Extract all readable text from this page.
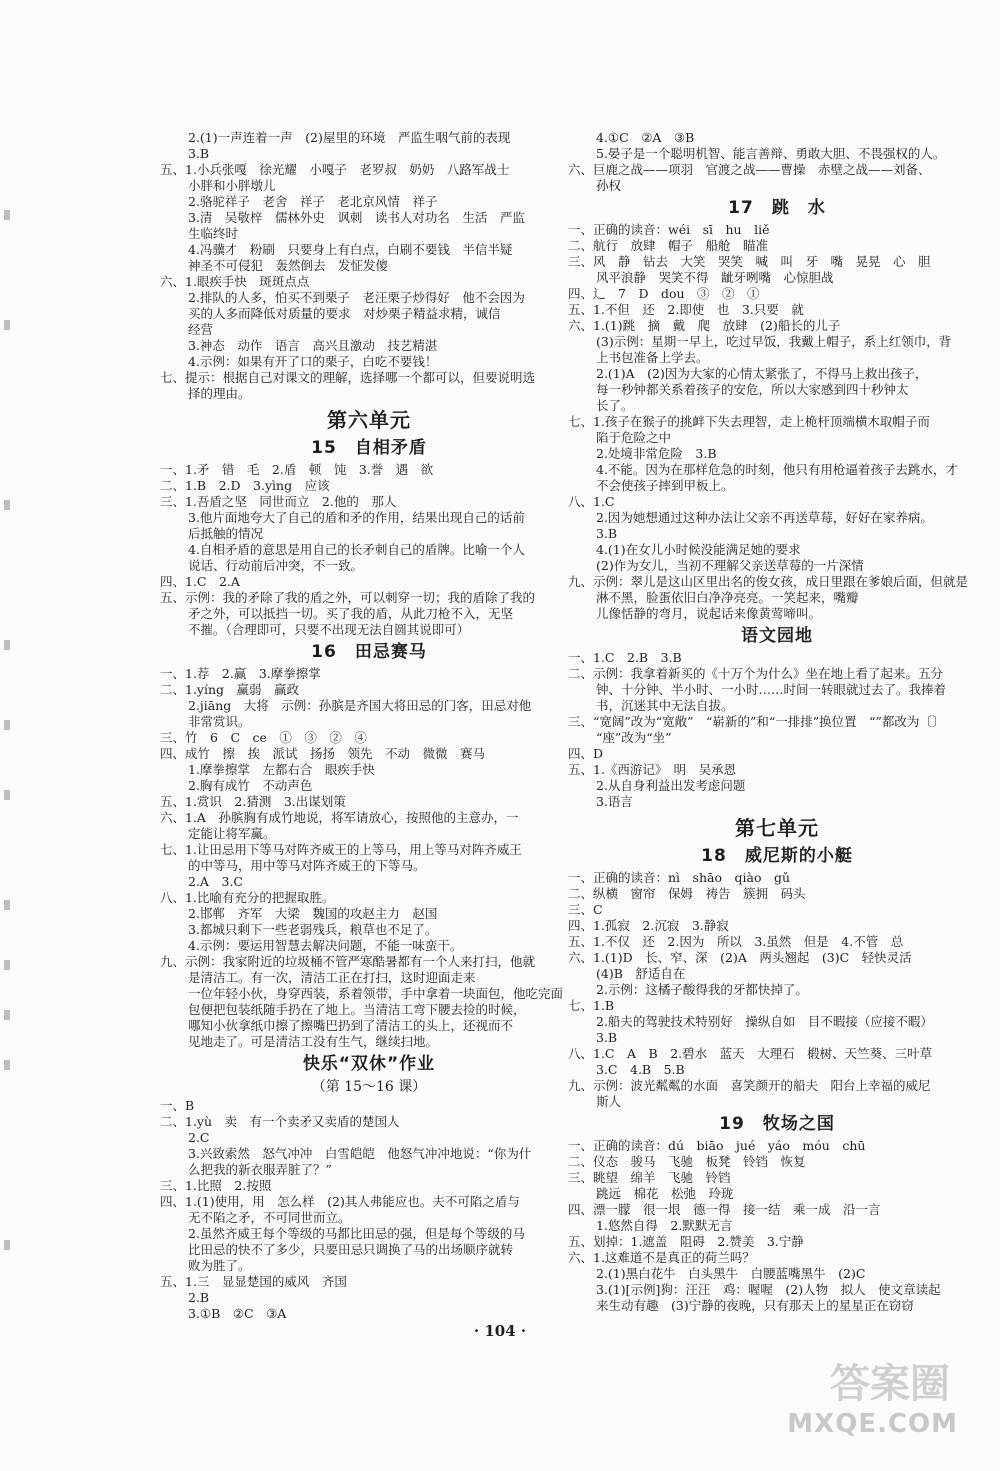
2.(1)一声连着一声　(2)屋里的环境　严监生咽气前的表现
3.B
五、1.小兵张嘎　徐光耀　小嘎子　老罗叔　奶奶　八路军战士
小胖和小胖墩儿
2.骆驼祥子　老舍　祥子　老北京风情　祥子
3.清　吴敬梓　儒林外史　讽刺　读书人对功名　生活　严监
生临终时
4.冯骥才　粉刷　只要身上有白点，白刷不要钱　半信半疑
神圣不可侵犯　轰然倒去　发怔发傻
六、1.眼疾手快　斑斑点点
2.排队的人多，怕买不到栗子　老汪栗子炒得好　他不会因为
买的人多而降低对质量的要求　对炒栗子精益求精，诚信
经营
3.神态　动作　语言　高兴且激动　技艺精湛
4.示例：如果有开了口的栗子，白吃不要钱！
七、提示：根据自己对课文的理解，选择哪一个都可以，但要说明选
择的理由。
第六单元
15　自相矛盾
一、1.矛　错　毛　2.盾　顿　饨　3.誉　遇　欲
二、1.B　2.D　3.yìng　应该
三、1.吾盾之坚　同世而立　2.他的　那人
3.他片面地夸大了自己的盾和矛的作用，结果出现自己的话前
后抵触的情况
4.自相矛盾的意思是用自己的长矛刺自己的盾牌。比喻一个人
说话、行动前后冲突，不一致。
四、1.C　2.A
五、示例：我的矛除了我的盾之外，可以刺穿一切；我的盾除了我的
矛之外，可以抵挡一切。买了我的盾，从此刀枪不入，无坚
不摧。（合理即可，只要不出现无法自圆其说即可）
16　田忌赛马
一、1.荐　2.赢　3.摩拳擦掌
二、1.yíng　赢弱　赢政
2.jiāng　大将　示例：孙膑是齐国大将田忌的门客，田忌对他
非常赏识。
三、竹　6　C　ce　①　③　②　④
四、成竹　擦　挨　派试　扬扬　领先　不动　微微　赛马
1.摩拳擦掌　左都右合　眼疾手快
2.胸有成竹　不动声色
五、1.赏识　2.猜测　3.出谋划策
六、1.A　孙膑胸有成竹地说，将军请放心，按照他的主意办，一
定能让将军赢。
七、1.让田忌用下等马对阵齐威王的上等马，用上等马对阵齐威王
的中等马，用中等马对阵齐威王的下等马。
2.A　3.C
八、1.比喻有充分的把握取胜。
2.邯郸　齐军　大梁　魏国的攻赵主力　赵国
3.都城只剩下一些老弱残兵，粮草也不足了。
4.示例：要运用智慧去解决问题，不能一味蛮干。
九、示例：我家附近的垃圾桶不管严寒酷暑都有一个人来打扫，他就
是清洁工。有一次，清洁工正在打扫，这时迎面走来
一位年轻小伙，身穿西装，系着领带，手中拿着一块面包，他吃完面
包便把包装纸随手扔在了地上。当清洁工弯下腰去捡的时候，
哪知小伙拿纸巾擦了擦嘴巴扔到了清洁工的头上，还视而不
见地走了。可是清洁工没有生气，继续扫地。
快乐“双休”作业
（第 15～16 课）
一、B
二、1.yù　卖　有一个卖矛又卖盾的楚国人
2.C
3.兴致索然　怒气冲冲　白雪皑皑　他怒气冲冲地说：“你为什
么把我的新衣服弄脏了？”
三、1.比照　2.按照
四、1.(1)使用，用　怎么样　(2)其人弗能应也。夫不可陷之盾与
无不陷之矛，不可同世而立。
2.虽然齐威王每个等级的马都比田忌的强，但是每个等级的马
比田忌的快不了多少，只要田忌只调换了马的出场顺序就转
败为胜了。
五、1.三　显显楚国的威风　齐国
2.B
3.①B　②C　③A
4.①C　②A　③B
5.晏子是一个聪明机智、能言善辩、勇敢大胆、不畏强权的人。
六、巨鹿之战——项羽　官渡之战——曹操　赤壁之战——刘备、
孙权
17　跳　水
一、正确的读音：wéi　sī　hu　liě
二、航行　放肆　帽子　船舱　瞄准
三、风　静　钻去　大笑　哭笑　喊　叫　牙　嘴　晃晃　心　胆
风平浪静　哭笑不得　龇牙咧嘴　心惊胆战
四、辶　7　D　dou　③　②　①
五、1.不但　还　2.即使　也　3.只要　就
六、1.(1)跳　摘　戴　爬　放肆　(2)船长的儿子
(3)示例：星期一早上，吃过早饭，我戴上帽子，系上红领巾，背
上书包准备上学去。
2.(1)A　(2)因为大家的心情太紧张了，不得马上救出孩子，
每一秒钟都关系着孩子的安危，所以大家感到四十秒钟太
长了。
七、1.孩子在猴子的挑衅下失去理智，走上桅杆顶端横木取帽子而
陷于危险之中
2.处境非常危险　3.B
4.不能。因为在那样危急的时刻，他只有用枪逼着孩子去跳水，才
不会使孩子摔到甲板上。
八、1.C
2.因为她想通过这种办法让父亲不再送草莓，好好在家养病。
3.B
4.(1)在女儿小时候没能满足她的要求
(2)作为女儿，当初不理解父亲送草莓的一片深情
九、示例：翠儿是这山区里出名的俊女孩，成日里跟在爹娘后面，但就是
淋不黑，脸蛋依旧白净净亮亮。一笑起来，嘴瓣
儿像恬静的弯月，说起话来像黄莺啼叫。
语文园地
一、1.C　2.B　3.B
二、示例：我拿着新买的《十万个为什么》坐在地上看了起来。五分
钟、十分钟、半小时、一小时……时间一转眼就过去了。我捧着
书，沉迷其中无法自拔。
三、“宽阔”改为“宽敞”　“崭新的”和“一排排”换位置　“”都改为〔〕
“座”改为“坐”
四、D
五、1.《西游记》　明　吴承恩
2.从自身利益出发考虑问题
3.语言
第七单元
18　威尼斯的小艇
一、正确的读音：nì　shāo　qiào　gǔ
二、纵横　窗帘　保姆　祷告　簇拥　码头
三、C
四、1.孤寂　2.沉寂　3.静寂
五、1.不仅　还　2.因为　所以　3.虽然　但是　4.不管　总
六、1.(1)D　长、窄、深　(2)A　两头翘起　(3)C　轻快灵活
(4)B　舒适自在
2.示例：这橘子酸得我的牙都快掉了。
七、1.B
2.船夫的驾驶技术特别好　操纵自如　目不暇接（应接不暇）
3.B
八、1.C　A　B　2.碧水　蓝天　大理石　椴树、天竺葵、三叶草
3.C　4.B　5.B
九、示例：波光粼粼的水面　喜笑颜开的船夫　阳台上幸福的威尼
斯人
19　牧场之国
一、正确的读音：dú　biāo　jué　yáo　móu　chū
二、仪态　骏马　飞驰　板凳　铃铛　恢复
三、眺望　绵羊　飞驰　铃铛
跳远　棉花　松弛　玲珑
四、漂一朦　很一垠　德一得　接一结　乘一成　沿一言
1.悠然自得　2.默默无言
五、划掉：1.遮盖　阻碍　2.赞美　3.宁静
六、1.这难道不是真正的荷兰吗？
2.(1)黑白花牛　白头黑牛　白腰蓝嘴黑牛　(2)C
3.(1)[示例]狗：汪汪　鸡：喔喔　(2)人物　拟人　使文章读起
来生动有趣　(3)宁静的夜晚，只有那天上的星星正在窃窃
· 104 ·
答案圈
MXQE.COM
